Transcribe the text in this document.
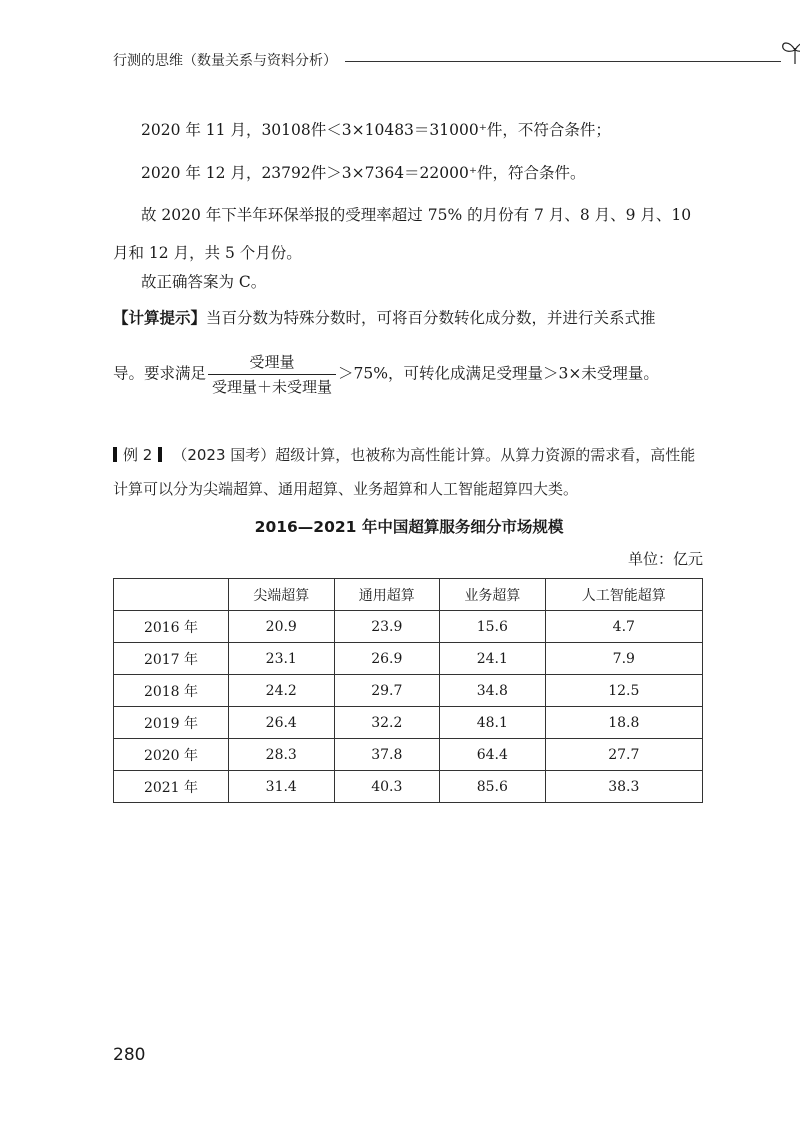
行测的思维（数量关系与资料分析）
2020 年 11 月，30108件＜3×10483＝31000⁺件，不符合条件；
2020 年 12 月，23792件＞3×7364＝22000⁺件，符合条件。
故 2020 年下半年环保举报的受理率超过 75% 的月份有 7 月、8 月、9 月、10 月和 12 月，共 5 个月份。
故正确答案为 C。
【计算提示】当百分数为特殊分数时，可将百分数转化成分数，并进行关系式推
导。要求满足 $\frac{\text{受理量}}{\text{受理量＋未受理量}} >75\%$，可转化成满足受理量＞3×未受理量。
例 2 （2023 国考）超级计算，也被称为高性能计算。从算力资源的需求看，高性能计算可以分为尖端超算、通用超算、业务超算和人工智能超算四大类。
2016—2021 年中国超算服务细分市场规模
单位：亿元
	尖端超算	通用超算	业务超算	人工智能超算
2016 年	20.9	23.9	15.6	4.7
2017 年	23.1	26.9	24.1	7.9
2018 年	24.2	29.7	34.8	12.5
2019 年	26.4	32.2	48.1	18.8
2020 年	28.3	37.8	64.4	27.7
2021 年	31.4	40.3	85.6	38.3
280
